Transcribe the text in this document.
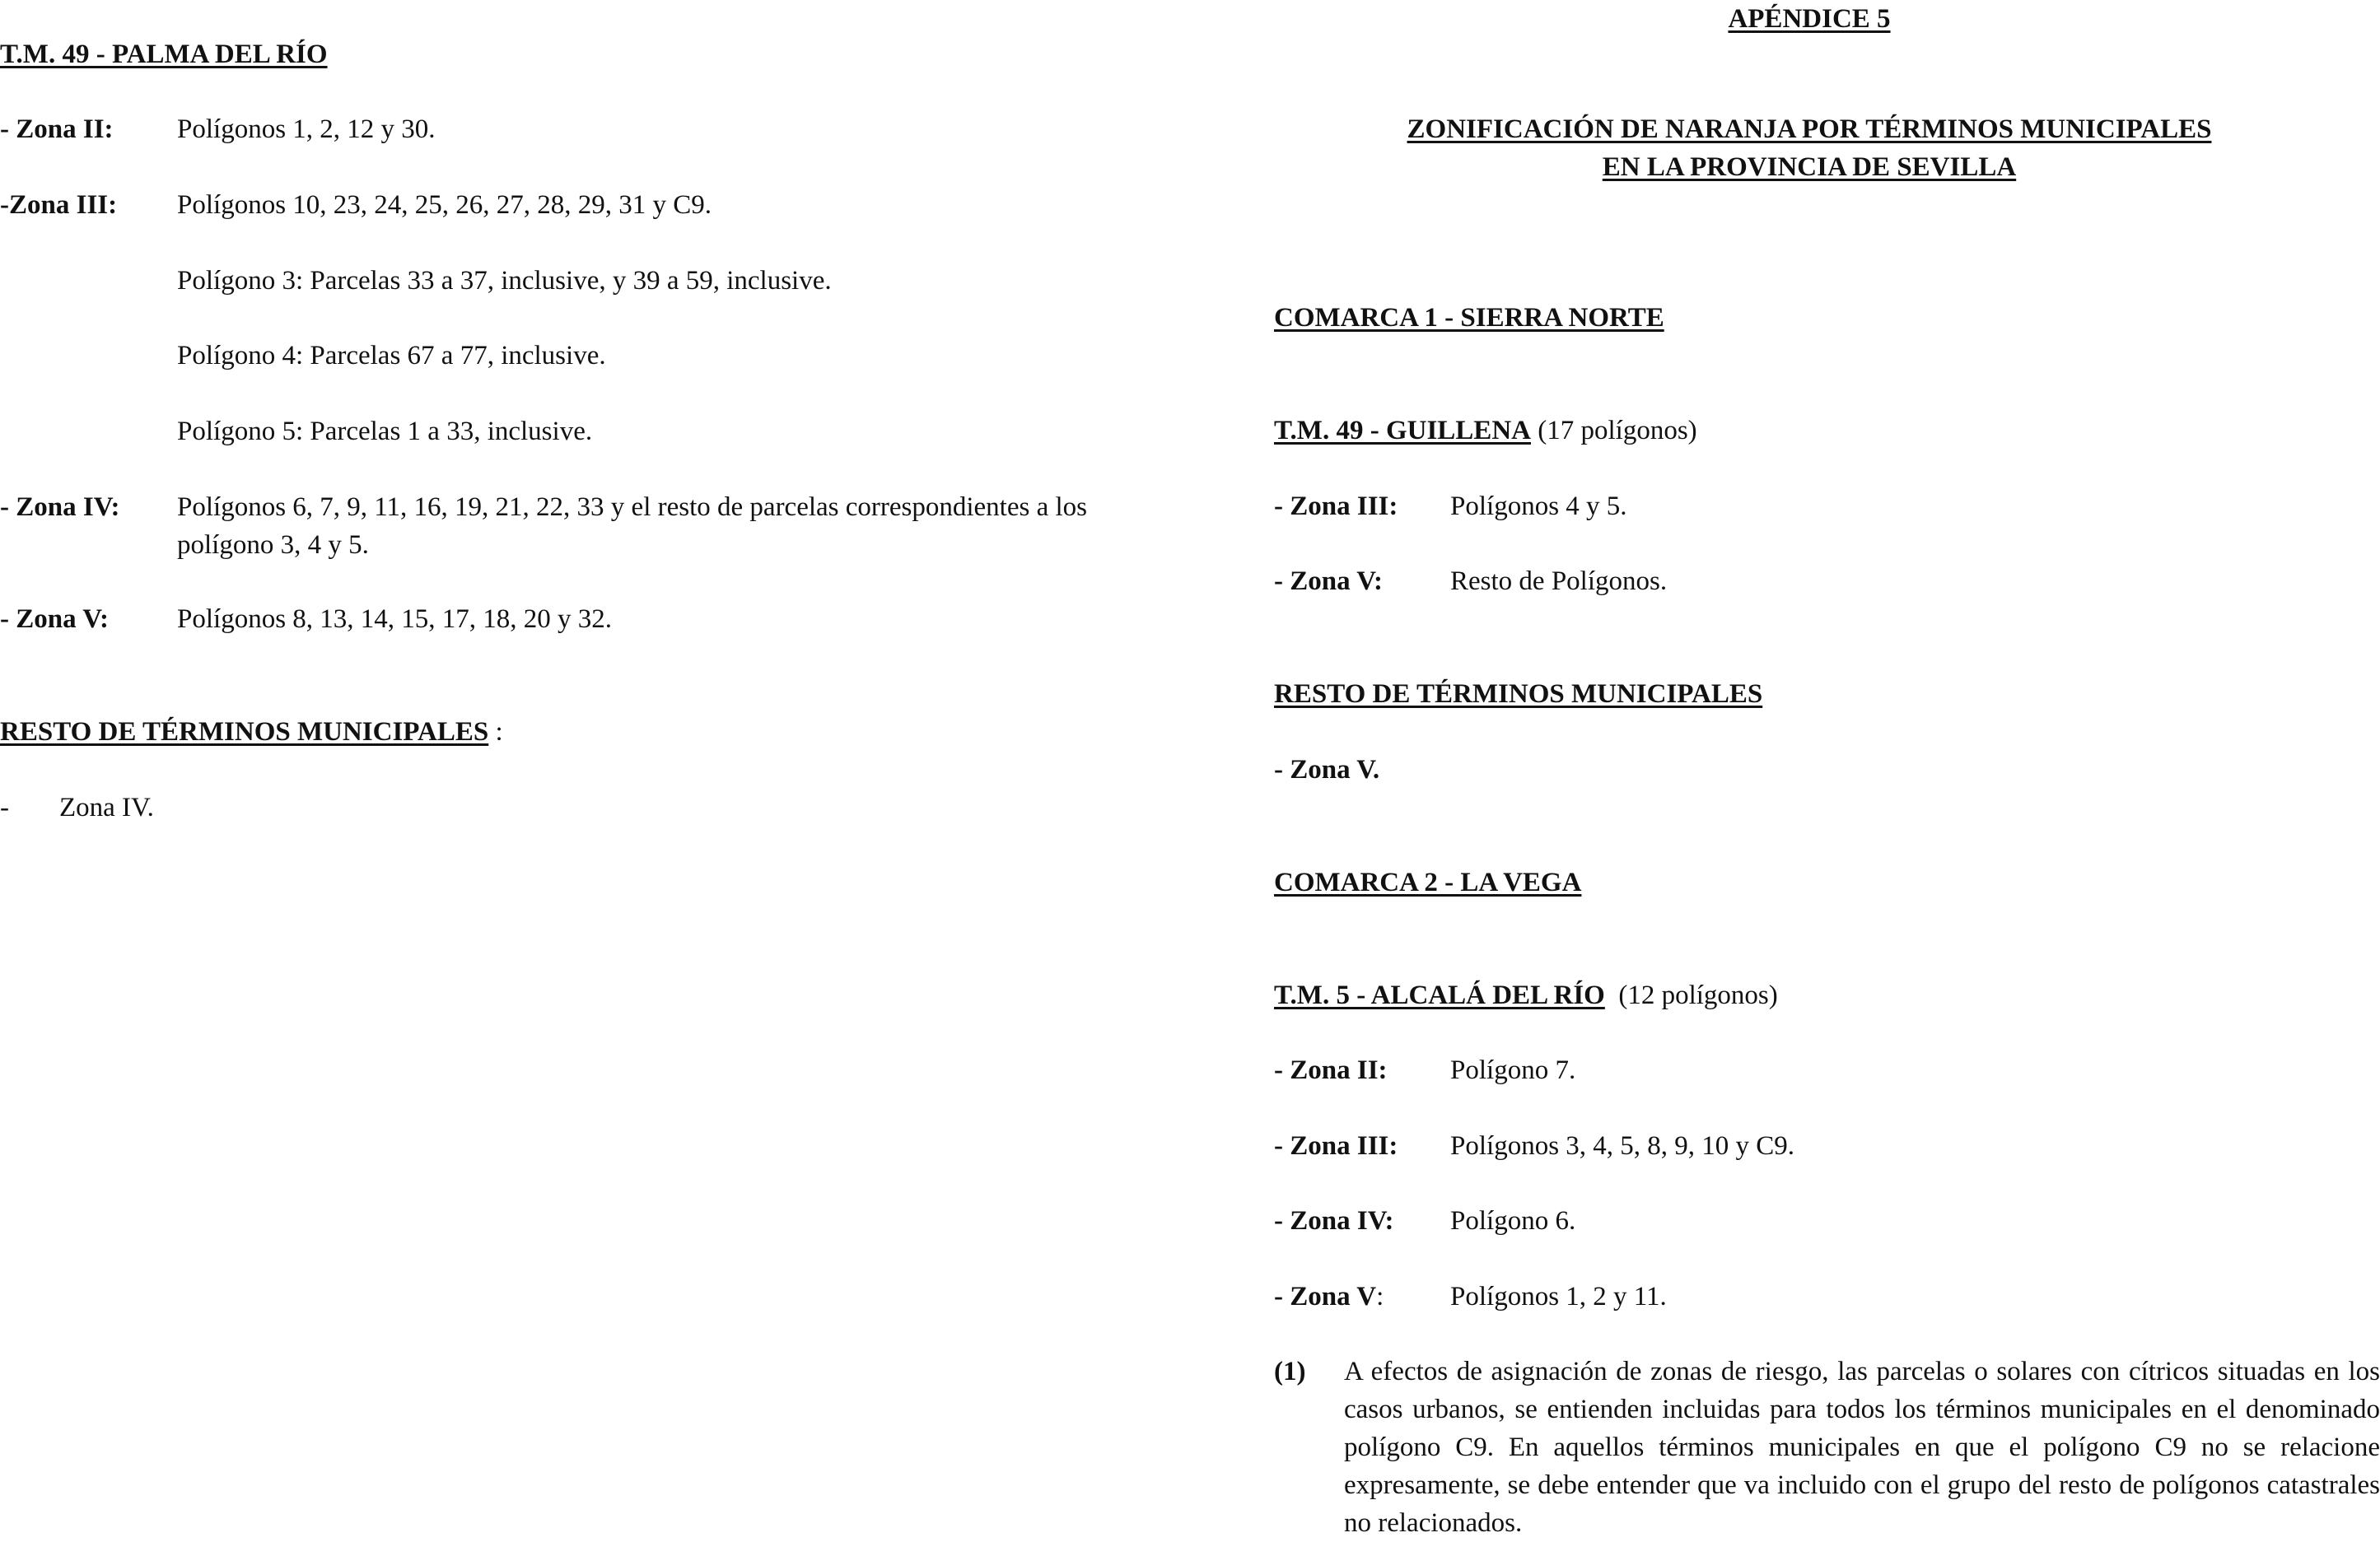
T.M. 49 - PALMA DEL RÍO
- Zona II: Polígonos 1, 2, 12 y 30.
-Zona III: Polígonos 10, 23, 24, 25, 26, 27, 28, 29, 31 y C9.
Polígono 3: Parcelas 33 a 37, inclusive, y 39 a 59, inclusive.
Polígono 4: Parcelas 67 a 77, inclusive.
Polígono 5: Parcelas 1 a 33, inclusive.
- Zona IV: Polígonos 6, 7, 9, 11, 16, 19, 21, 22, 33 y el resto de parcelas correspondientes a los polígono 3, 4 y 5.
- Zona V:	Polígonos 8, 13, 14, 15, 17, 18, 20 y 32.
RESTO DE TÉRMINOS MUNICIPALES :
- Zona IV.
APÉNDICE 5
ZONIFICACIÓN DE NARANJA POR TÉRMINOS MUNICIPALES
EN LA PROVINCIA DE SEVILLA
COMARCA 1 - SIERRA NORTE
T.M. 49 - GUILLENA (17 polígonos)
- Zona III: Polígonos 4 y 5.
- Zona V: Resto de Polígonos.
RESTO DE TÉRMINOS MUNICIPALES
- Zona V.
COMARCA 2 - LA VEGA
T.M. 5 - ALCALÁ DEL RÍO  (12 polígonos)
- Zona II: Polígono 7.
- Zona III: Polígonos 3, 4, 5, 8, 9, 10 y C9.
- Zona IV: Polígono 6.
- Zona V: Polígonos 1, 2 y 11.
(1) A efectos de asignación de zonas de riesgo, las parcelas o solares con cítricos situadas en los casos urbanos, se entienden incluidas para todos los términos municipales en el denominado polígono C9. En aquellos términos municipales en que el polígono C9 no se relacione expresamente, se debe entender que va incluido con el grupo del resto de polígonos catastrales no relacionados.
